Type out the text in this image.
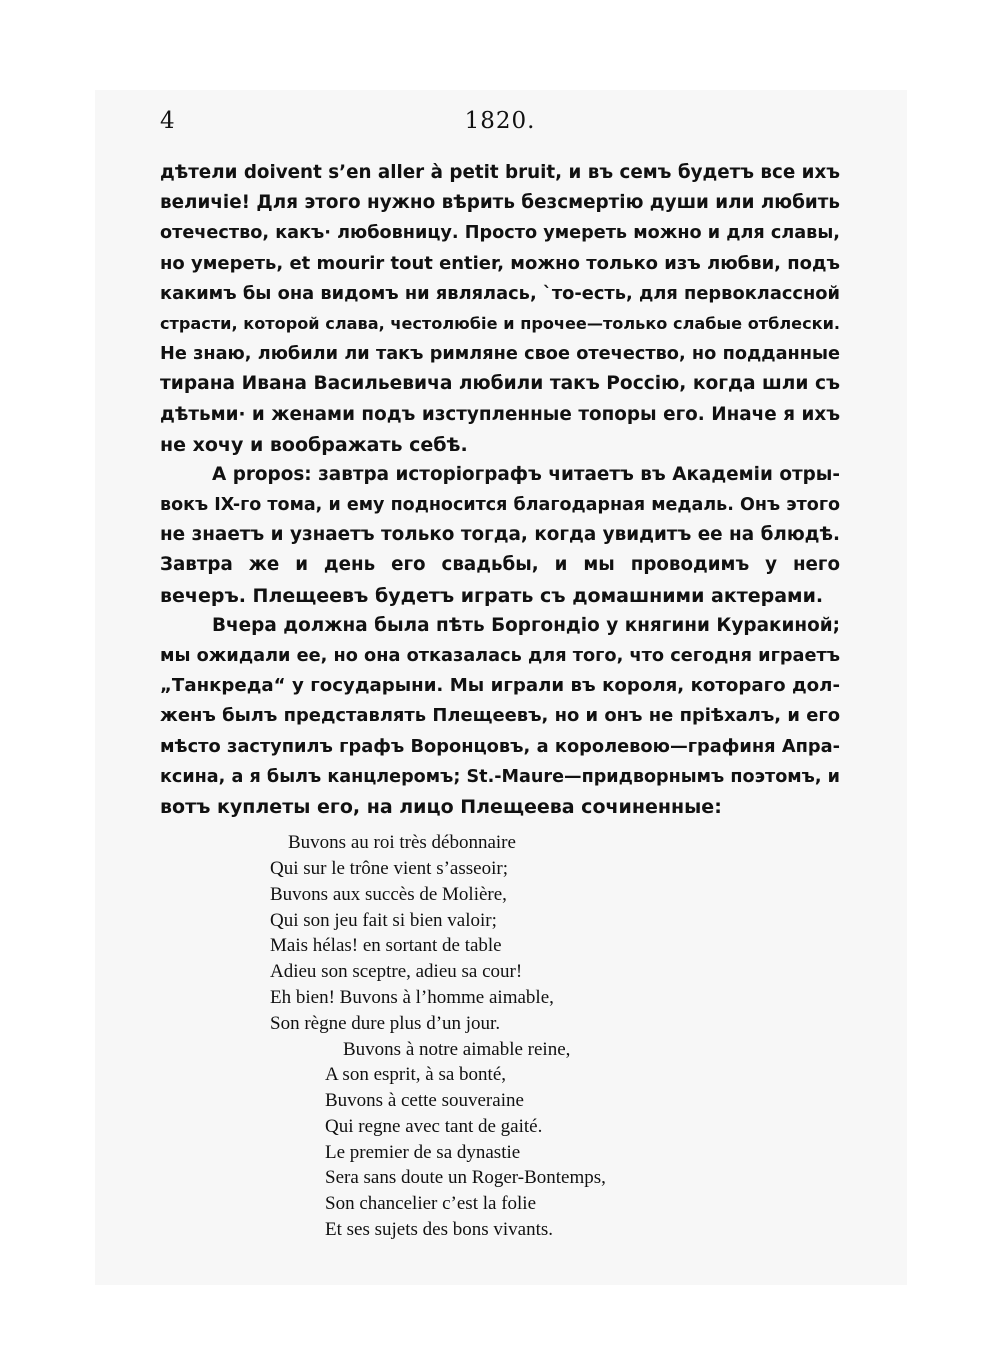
4	1820.
дѣтели doivent s’en aller à petit bruit, и въ семъ будетъ все ихъ
величіе! Для этого нужно вѣрить безсмертію души или любить
отечество, какъ· любовницу. Просто умереть можно и для славы,
но умереть, et mourir tout entier, можно только изъ любви, подъ
какимъ бы она видомъ ни являлась, ˋто-есть, для первоклассной
страсти, которой слава, честолюбіе и прочее—только слабые отблески.
Не знаю, любили ли такъ римляне свое отечество, но подданные
тирана Ивана Васильевича любили такъ Россію, когда шли съ
дѣтьми· и женами подъ изступленные топоры его. Иначе я ихъ
не хочу и воображать себѣ.
A propos: завтра исторіографъ читаетъ въ Академіи отры-
вокъ IX-го тома, и ему подносится благодарная медаль. Онъ этого
не знаетъ и узнаетъ только тогда, когда увидитъ ее на блюдѣ.
Завтра же и день его свадьбы, и мы проводимъ у него
вечеръ. Плещеевъ будетъ играть съ домашними актерами.
Вчера должна была пѣть Боргондіо у княгини Куракиной;
мы ожидали ее, но она отказалась для того, что сегодня играетъ
„Танкреда“ у государыни. Мы играли въ короля, котораго дол-
женъ былъ представлять Плещеевъ, но и онъ не пріѣхалъ, и его
мѣсто заступилъ графъ Воронцовъ, а королевою—графиня Апра-
ксина, а я былъ канцлеромъ; St.-Maure—придворнымъ поэтомъ, и
вотъ куплеты его, на лицо Плещеева сочиненные:
Buvons au roi très débonnaire
Qui sur le trône vient s’asseoir;
Buvons aux succès de Molière,
Qui son jeu fait si bien valoir;
Mais hélas! en sortant de table
Adieu son sceptre, adieu sa cour!
Eh bien! Buvons à l’homme aimable,
Son règne dure plus d’un jour.
Buvons à notre aimable reine,
A son esprit, à sa bonté,
Buvons à cette souveraine
Qui regne avec tant de gaité.
Le premier de sa dynastie
Sera sans doute un Roger-Bontemps,
Son chancelier c’est la folie
Et ses sujets des bons vivants.
